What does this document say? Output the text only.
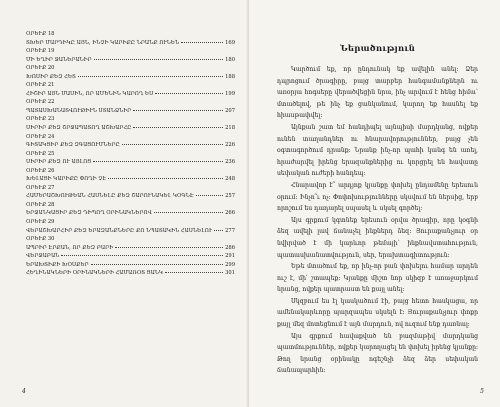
ՕՐԵՒՔ 18
ՏԽԵՐ ՄԱՐԴԻԿԸ ԱՅՆ, ԻՆՉԻ ԿԱՐԻՔԸ ՆՐԱՆՔ ՈՒՆԵՆ	169
ՕՐԵՒՔ 19
ՄԻ ԵՂԻՐ ՋԱՆԵՐԱՆԻՐ	180
ՕՐԵՒՔ 20
ԽՈՍԻՐ ՔԵԶ ՀԵՏ	188
ՕՐԵՒՔ 21
ՀԻՇԻՐ ԱՅՆ ՄԱՍԻՆ, ՈՐ ԱՄԵՆԻՆ ԿԱՐՈՂ ԵՍ	199
ՕՐԵՒՔ 22
ՊԱՏԱՍԽԱՆԱՏՎՈՒԹԻՒՆ ՍՏԱՆՁՆԻՐ	207
ՕՐԵՒՔ 23
ՍԻՐԻՐ ՔԵԶ ՇՐՋԱՊԱՏՈՂ ԱՇԽԱՐՀԸ	218
ՕՐԵՒՔ 24
ԳԻՏԱԿՑԻՐ ՔԵԶ ԶԳԱՑՈՒՄՆԵՐԸ	226
ՕՐԵՒՔ 25
ՍԻՐԻՐ ՔԵԶ ՈՒ ԱՅԼՈՑ	236
ՕՐԵՒՔ 26
ԽԵԼԱՑԻ ԿԱՐԻՔԸ ՓՈՂԻ ՉԷ	248
ՕՐԵՒՔ 27
ՀԱՄԵՐԱՇԽՈՒԹԵԱՆ ՀԱՍՆԵԼԸ ՔԵԶ ՇԱՐՈՒՆԱԿԵԼ ԿՕԳՆԷ	257
ՕՐԵՒՔ 28
ԵՐՋԱՆԿԱՑԻՐ ՔԵԶ ԴԻՊՈՂ ՕՐԻՆԱԿՆԵՐՈՎ	266
ՕՐԵՒՔ 29
ՎԵՐԱՇԽԱՐՀԻՐ ՔԵԶ ԵՐԱԶԱՆՔՆԵՐԸ ՔՈ ՆՊԱՏԱԿԻՆ ՀԱՍՆԵԼՈՒ 277
ՕՐԵՒՔ 30
ԱՊՐԻՐ ԷՐՔԱՆ, ՈՐ ՔԵԶ ԲԱՐԻ	286
ՎԵՐՋԱԲԱՆ	291
ԵՐԱԽՏԻՔԻ ԽՕՍՔԵՐ	299
ՀԵՂԻՆԱԿՆԵՐԻ ՕՐԻՆԱԿՆԵՐԻ ՀԱՄԱՌՕՏ ՑԱՆԿ	301
4
Ներածություն

Կարծում եք, որ ընդունակ եք ավելին անել: Ձեր դպրոցում ծրագիրը, բայց տարբեր հանգամանքներն ու առօրյա հոգսերը վերածվեցին նրա, ինչ արվում է հենց հիմա՝ մտածելով, թե ինչ եք ցանկանում, կարող եք հասնել եք հիասթափվել:

Այնքան շատ եմ հանդիպել այնպիսի մարդկանց, ովքեր ունեն տաղանդներ ու հնարավորություններ, բայց չեն օգտագործում դրանք: Նրանք ինչ-որ պահի կանգ են առել, հրաժարվել իրենց երազանքներից ու կորցրել են հավատը սեփական ուժերի հանդեպ:

Հնարավոր է՞ արդյոք կյանքը փոխել ընդամենը երեսուն օրում: Ինչո՞ւ ոչ: Փոփոխությունները սկսվում են ներսից, երբ որոշում ես դադարել սպասել և սկսել գործել:

Այս գրքում կգտնեք երեսուն օրվա ծրագիր, որը կօգնի ձեզ ավելի լավ ճանաչել ինքներդ ձեզ: Յուրաքանչյուր օր նվիրված է մի կարևոր թեմայի՝ ինքնավստահություն, պատասխանատվություն, սեր, երախտագիտություն:

Եթե մտածում եք, որ ինչ-որ բան փոխելու համար արդեն ուշ է, մի՛ շտապեք: Կյանքը միշտ նոր սկիզբ է առաջարկում նրանց, ովքեր պատրաստ են քայլ անել:

Սկզբում ես էլ կասկածում էի, բայց հետո հասկացա, որ ամենակարևորը պարզապես սկսելն է: Յուրաքանչյուր փոքր քայլ մեզ մոտեցնում է այն մարդուն, ով ուզում ենք դառնալ:

Այս գրքում հավաքված են բազմաթիվ մարդկանց պատմություններ, ովքեր կարողացել են փոխել իրենց կյանքը: Թող նրանց օրինակը ոգեշնչի ձեզ ձեր սեփական ճանապարհին:

5
